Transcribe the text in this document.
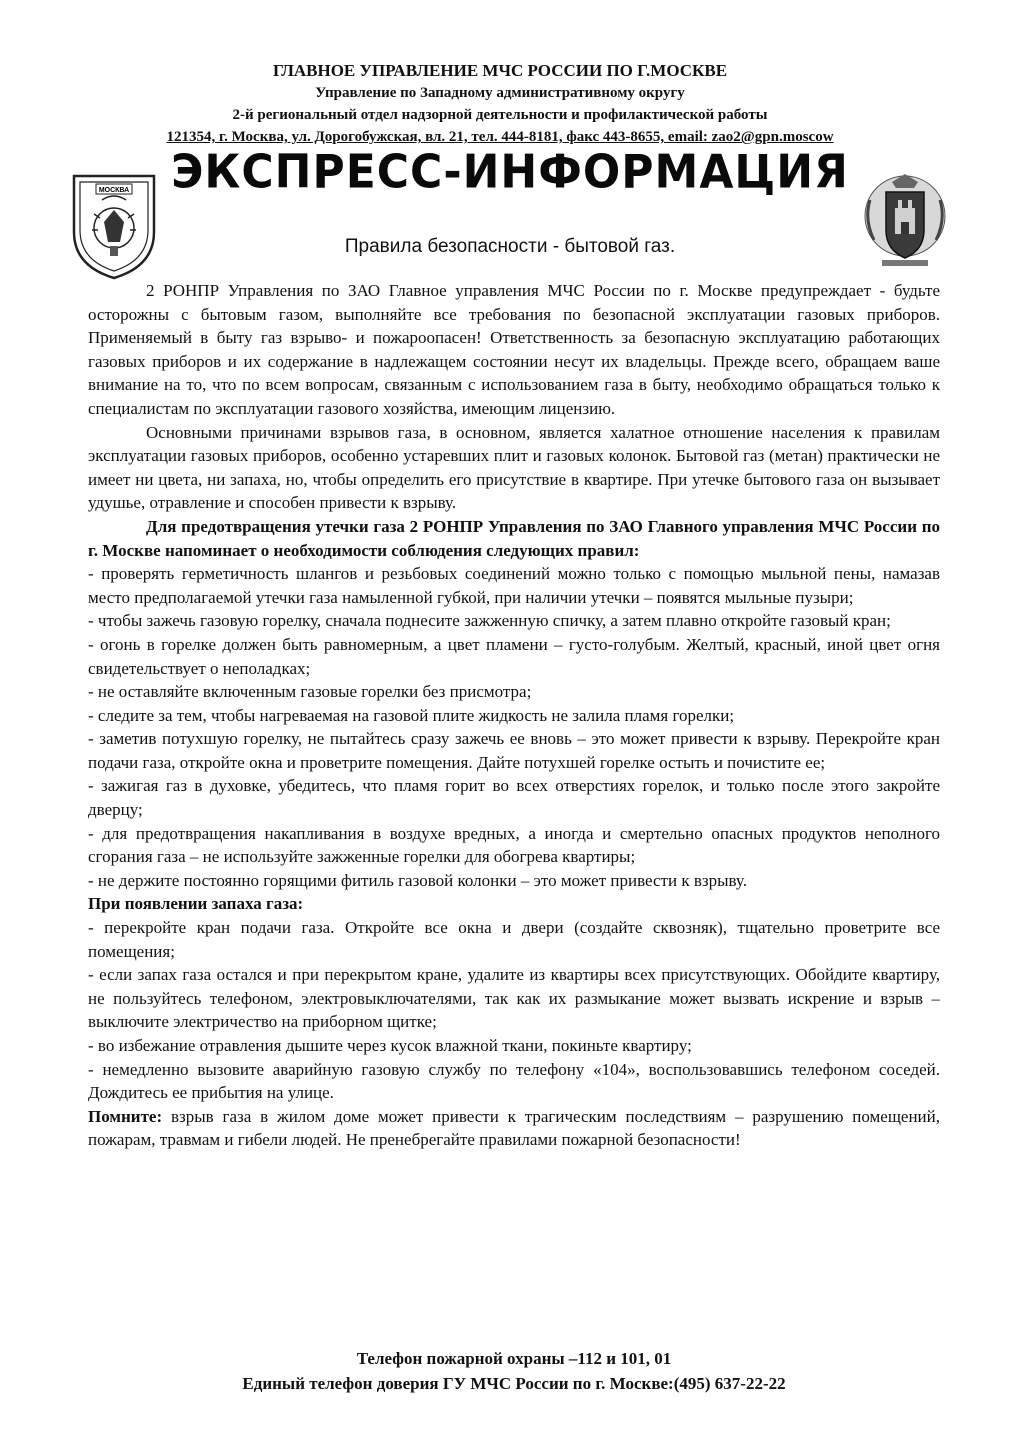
ГЛАВНОЕ УПРАВЛЕНИЕ МЧС РОССИИ ПО Г.МОСКВЕ
Управление по Западному административному округу
2-й региональный отдел надзорной деятельности и профилактической работы
121354, г. Москва, ул. Дорогобужская, вл. 21, тел. 444-8181, факс 443-8655, email: zao2@gpn.moscow
ЭКСПРЕСС-ИНФОРМАЦИЯ
МОСКВА
Правила безопасности - бытовой газ.

2 РОНПР Управления по ЗАО Главное управления МЧС России по г. Москве предупреждает - будьте осторожны с бытовым газом, выполняйте все требования по безопасной эксплуатации газовых приборов. Применяемый в быту газ взрыво- и пожароопасен! Ответственность за безопасную эксплуатацию работающих газовых приборов и их содержание в надлежащем состоянии несут их владельцы. Прежде всего, обращаем ваше внимание на то, что по всем вопросам, связанным с использованием газа в быту, необходимо обращаться только к специалистам по эксплуатации газового хозяйства, имеющим лицензию.

Основными причинами взрывов газа, в основном, является халатное отношение населения к правилам эксплуатации газовых приборов, особенно устаревших плит и газовых колонок. Бытовой газ (метан) практически не имеет ни цвета, ни запаха, но, чтобы определить его присутствие в квартире. При утечке бытового газа он вызывает удушье, отравление и способен привести к взрыву.

Для предотвращения утечки газа 2 РОНПР Управления по ЗАО Главного управления МЧС России по г. Москве напоминает о необходимости соблюдения следующих правил:

- проверять герметичность шлангов и резьбовых соединений можно только с помощью мыльной пены, намазав место предполагаемой утечки газа намыленной губкой, при наличии утечки – появятся мыльные пузыри;

- чтобы зажечь газовую горелку, сначала поднесите зажженную спичку, а затем плавно откройте газовый кран;

- огонь в горелке должен быть равномерным, а цвет пламени – густо-голубым. Желтый, красный, иной цвет огня свидетельствует о неполадках;

- не оставляйте включенным газовые горелки без присмотра;

- следите за тем, чтобы нагреваемая на газовой плите жидкость не залила пламя горелки;

- заметив потухшую горелку, не пытайтесь сразу зажечь ее вновь – это может привести к взрыву. Перекройте кран подачи газа, откройте окна и проветрите помещения. Дайте потухшей горелке остыть и почистите ее;

- зажигая газ в духовке, убедитесь, что пламя горит во всех отверстиях горелок, и только после этого закройте дверцу;

- для предотвращения накапливания в воздухе вредных, а иногда и смертельно опасных продуктов неполного сгорания газа – не используйте зажженные горелки для обогрева квартиры;

- не держите постоянно горящими фитиль газовой колонки – это может привести к взрыву.

При появлении запаха газа:

- перекройте кран подачи газа. Откройте все окна и двери (создайте сквозняк), тщательно проветрите все помещения;

- если запах газа остался и при перекрытом кране, удалите из квартиры всех присутствующих. Обойдите квартиру, не пользуйтесь телефоном, электровыключателями, так как их размыкание может вызвать искрение и взрыв – выключите электричество на приборном щитке;

- во избежание отравления дышите через кусок влажной ткани, покиньте квартиру;

- немедленно вызовите аварийную газовую службу по телефону «104», воспользовавшись телефоном соседей. Дождитесь ее прибытия на улице.

Помните: взрыв газа в жилом доме может привести к трагическим последствиям – разрушению помещений, пожарам, травмам и гибели людей. Не пренебрегайте правилами пожарной безопасности!

Телефон пожарной охраны –112 и 101, 01
Единый телефон доверия ГУ МЧС России по г. Москве:(495) 637-22-22
